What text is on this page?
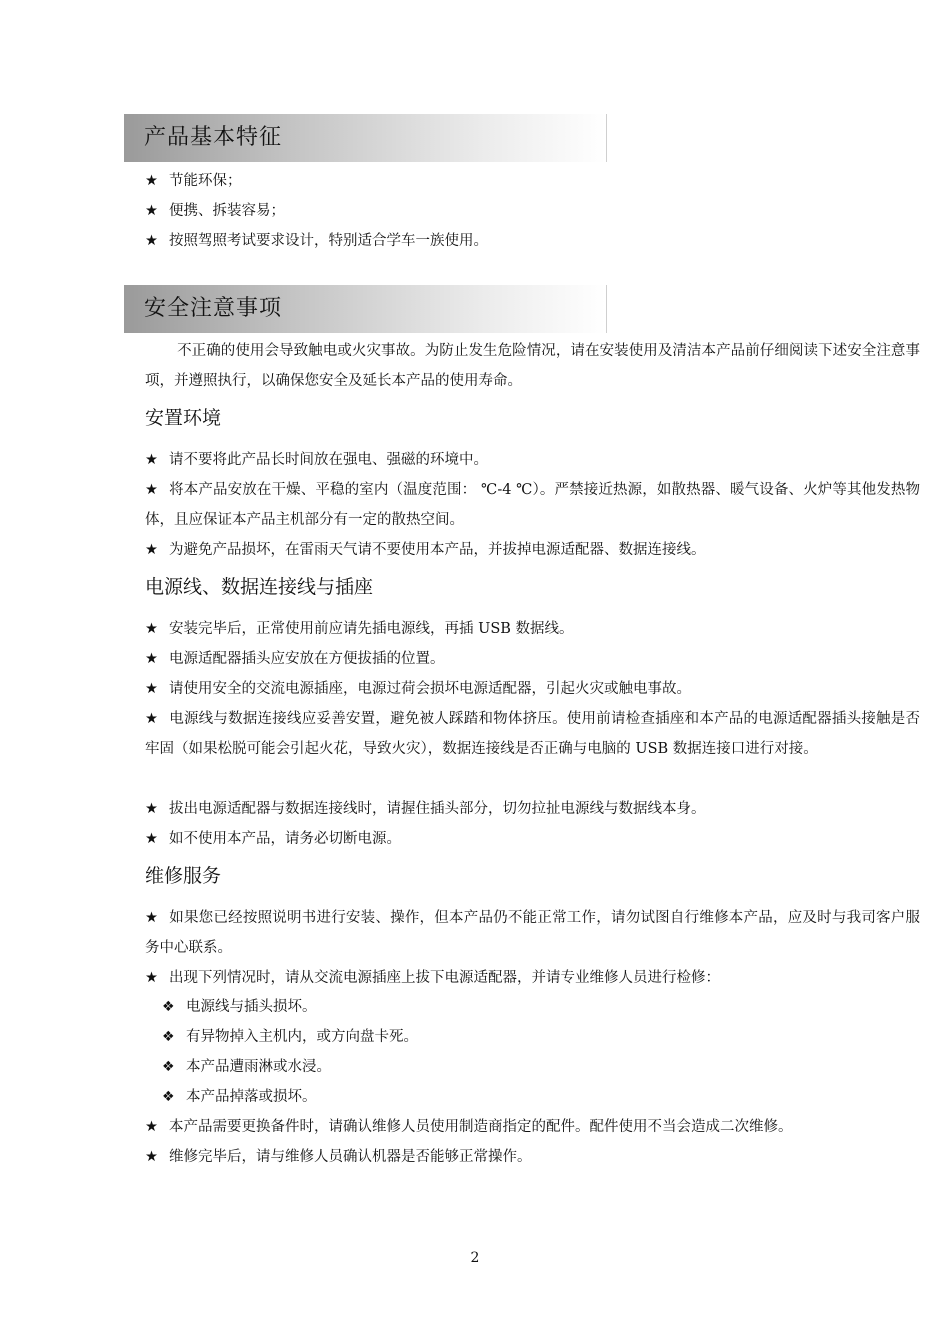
产品基本特征
★ 节能环保；
★ 便携、拆装容易；
★ 按照驾照考试要求设计，特别适合学车一族使用。
安全注意事项
不正确的使用会导致触电或火灾事故。为防止发生危险情况，请在安装使用及清洁本产品前仔细阅读下述安全注意事项，并遵照执行，以确保您安全及延长本产品的使用寿命。
安置环境
★ 请不要将此产品长时间放在强电、强磁的环境中。
★ 将本产品安放在干燥、平稳的室内（温度范围： ℃-4 ℃）。严禁接近热源，如散热器、暖气设备、火炉等其他发热物体，且应保证本产品主机部分有一定的散热空间。
★ 为避免产品损坏，在雷雨天气请不要使用本产品，并拔掉电源适配器、数据连接线。
电源线、数据连接线与插座
★ 安装完毕后，正常使用前应请先插电源线，再插 USB 数据线。
★ 电源适配器插头应安放在方便拔插的位置。
★ 请使用安全的交流电源插座，电源过荷会损坏电源适配器，引起火灾或触电事故。
★ 电源线与数据连接线应妥善安置，避免被人踩踏和物体挤压。使用前请检查插座和本产品的电源适配器插头接触是否牢固（如果松脱可能会引起火花，导致火灾），数据连接线是否正确与电脑的 USB 数据连接口进行对接。
★ 拔出电源适配器与数据连接线时，请握住插头部分，切勿拉扯电源线与数据线本身。
★ 如不使用本产品，请务必切断电源。
维修服务
★ 如果您已经按照说明书进行安装、操作，但本产品仍不能正常工作，请勿试图自行维修本产品，应及时与我司客户服务中心联系。
★ 出现下列情况时，请从交流电源插座上拔下电源适配器，并请专业维修人员进行检修：
❖ 电源线与插头损坏。
❖ 有异物掉入主机内，或方向盘卡死。
❖ 本产品遭雨淋或水浸。
❖ 本产品掉落或损坏。
★ 本产品需要更换备件时，请确认维修人员使用制造商指定的配件。配件使用不当会造成二次维修。
★ 维修完毕后，请与维修人员确认机器是否能够正常操作。
2
